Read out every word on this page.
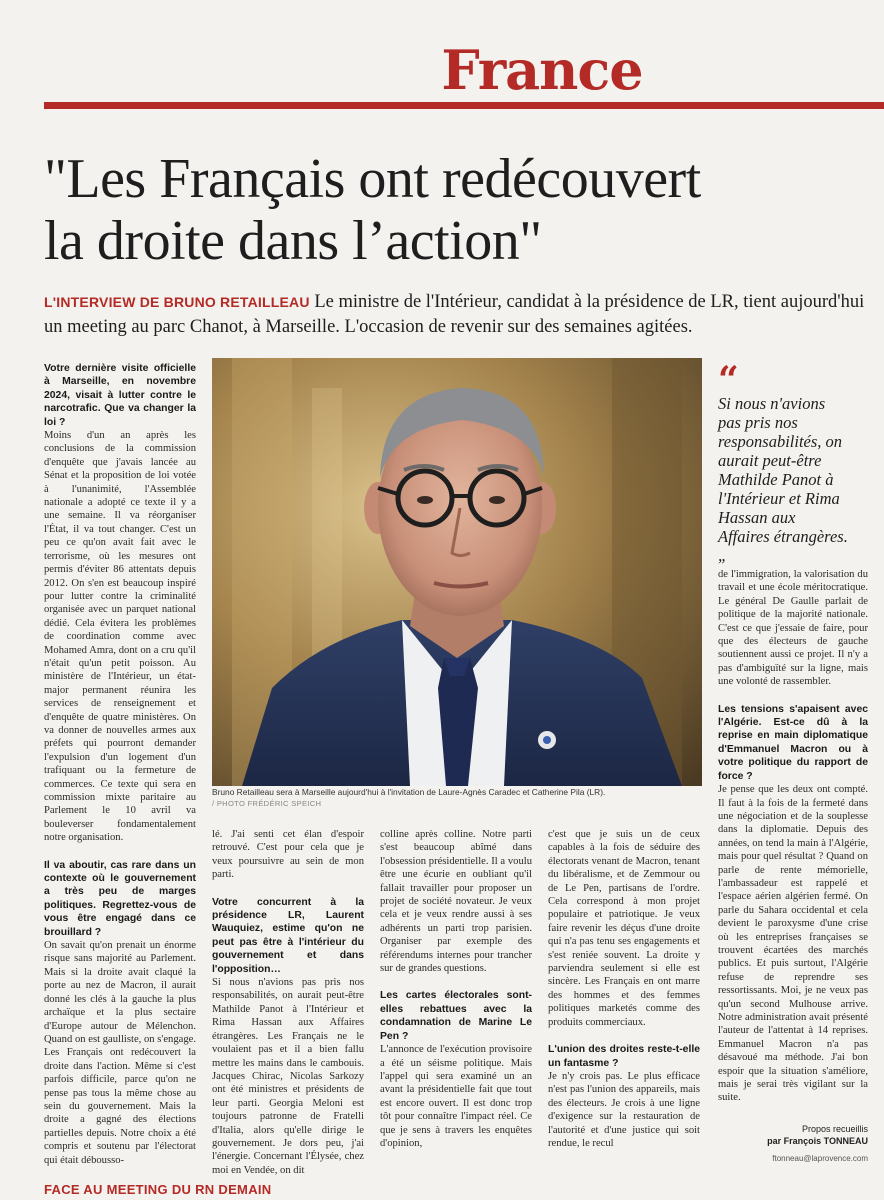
France
"Les Français ont redécouvert
la droite dans l’action"
L'INTERVIEW DE BRUNO RETAILLEAU Le ministre de l'Intérieur, candidat à la présidence de LR, tient aujourd'hui un meeting au parc Chanot, à Marseille. L'occasion de revenir sur des semaines agitées.

Votre dernière visite officielle à Marseille, en novembre 2024, visait à lutter contre le narcotrafic. Que va changer la loi ?

Moins d'un an après les conclusions de la commission d'enquête que j'avais lancée au Sénat et la proposition de loi votée à l'unanimité, l'Assemblée nationale a adopté ce texte il y a une semaine. Il va réorganiser l'État, il va tout changer. C'est un peu ce qu'on avait fait avec le terrorisme, où les mesures ont permis d'éviter 86 attentats depuis 2012. On s'en est beaucoup inspiré pour lutter contre la criminalité organisée avec un parquet national dédié. Cela évitera les problèmes de coordination comme avec Mohamed Amra, dont on a cru qu'il n'était qu'un petit poisson. Au ministère de l'Intérieur, un état-major permanent réunira les services de renseignement et d'enquête de quatre ministères. On va donner de nouvelles armes aux préfets qui pourront demander l'expulsion d'un logement d'un trafiquant ou la fermeture de commerces. Ce texte qui sera en commission mixte paritaire au Parlement le 10 avril va bouleverser fondamentalement notre organisation.

Il va aboutir, cas rare dans un contexte où le gouvernement a très peu de marges politiques. Regrettez-vous de vous être engagé dans ce brouillard ?

On savait qu'on prenait un énorme risque sans majorité au Parlement. Mais si la droite avait claqué la porte au nez de Macron, il aurait donné les clés à la gauche la plus archaïque et la plus sectaire d'Europe autour de Mélenchon. Quand on est gaulliste, on s'engage. Les Français ont redécouvert la droite dans l'action. Même si c'est parfois difficile, parce qu'on ne pense pas tous la même chose au sein du gouvernement. Mais la droite a gagné des élections partielles depuis. Notre choix a été compris et soutenu par l'électorat qui était débousso-

Bruno Retailleau sera à Marseille aujourd'hui à l'invitation de Laure-Agnès Caradec et Catherine Pila (LR).
/ PHOTO FRÉDÉRIC SPEICH

lé. J'ai senti cet élan d'espoir retrouvé. C'est pour cela que je veux poursuivre au sein de mon parti.

Votre concurrent à la présidence LR, Laurent Wauquiez, estime qu'on ne peut pas être à l'intérieur du gouvernement et dans l'opposition…

Si nous n'avions pas pris nos responsabilités, on aurait peut-être Mathilde Panot à l'Intérieur et Rima Hassan aux Affaires étrangères. Les Français ne le voulaient pas et il a bien fallu mettre les mains dans le cambouis. Jacques Chirac, Nicolas Sarkozy ont été ministres et présidents de leur parti. Georgia Meloni est toujours patronne de Fratelli d'Italia, alors qu'elle dirige le gouvernement. Je dors peu, j'ai l'énergie. Concernant l'Élysée, chez moi en Vendée, on dit

colline après colline. Notre parti s'est beaucoup abîmé dans l'obsession présidentielle. Il a voulu être une écurie en oubliant qu'il fallait travailler pour proposer un projet de société novateur. Je veux cela et je veux rendre aussi à ses adhérents un parti trop parisien. Organiser par exemple des référendums internes pour trancher sur de grandes questions.

Les cartes électorales sont-elles rebattues avec la condamnation de Marine Le Pen ?

L'annonce de l'exécution provisoire a été un séisme politique. Mais l'appel qui sera examiné un an avant la présidentielle fait que tout est encore ouvert. Il est donc trop tôt pour connaître l'impact réel. Ce que je sens à travers les enquêtes d'opinion,

c'est que je suis un de ceux capables à la fois de séduire des électorats venant de Macron, tenant du libéralisme, et de Zemmour ou de Le Pen, partisans de l'ordre. Cela correspond à mon projet populaire et patriotique. Je veux faire revenir les déçus d'une droite qui n'a pas tenu ses engagements et s'est reniée souvent. La droite y parviendra seulement si elle est sincère. Les Français en ont marre des hommes et des femmes politiques marketés comme des produits commerciaux.

L'union des droites reste-t-elle un fantasme ?

Je n'y crois pas. Le plus efficace n'est pas l'union des appareils, mais des électeurs. Je crois à une ligne d'exigence sur la restauration de l'autorité et d'une justice qui soit rendue, le recul

“
Si nous n'avions pas pris nos responsabilités, on aurait peut-être Mathilde Panot à l'Intérieur et Rima Hassan aux Affaires étrangères. „

de l'immigration, la valorisation du travail et une école méritocratique. Le général De Gaulle parlait de politique de la majorité nationale. C'est ce que j'essaie de faire, pour que des électeurs de gauche soutiennent aussi ce projet. Il n'y a pas d'ambiguïté sur la ligne, mais une volonté de rassembler.

Les tensions s'apaisent avec l'Algérie. Est-ce dû à la reprise en main diplomatique d'Emmanuel Macron ou à votre politique du rapport de force ?

Je pense que les deux ont compté. Il faut à la fois de la fermeté dans une négociation et de la souplesse dans la diplomatie. Depuis des années, on tend la main à l'Algérie, mais pour quel résultat ? Quand on parle de rente mémorielle, l'ambassadeur est rappelé et l'espace aérien algérien fermé. On parle du Sahara occidental et cela devient le paroxysme d'une crise où les entreprises françaises se trouvent écartées des marchés publics. Et puis surtout, l'Algérie refuse de reprendre ses ressortissants. Moi, je ne veux pas qu'un second Mulhouse arrive. Notre administration avait présenté l'auteur de l'attentat à 14 reprises. Emmanuel Macron n'a pas désavoué ma méthode. J'ai bon espoir que la situation s'améliore, mais je serai très vigilant sur la suite.

Propos recueillis
par François TONNEAU
ftonneau@laprovence.com
FACE AU MEETING DU RN DEMAIN
